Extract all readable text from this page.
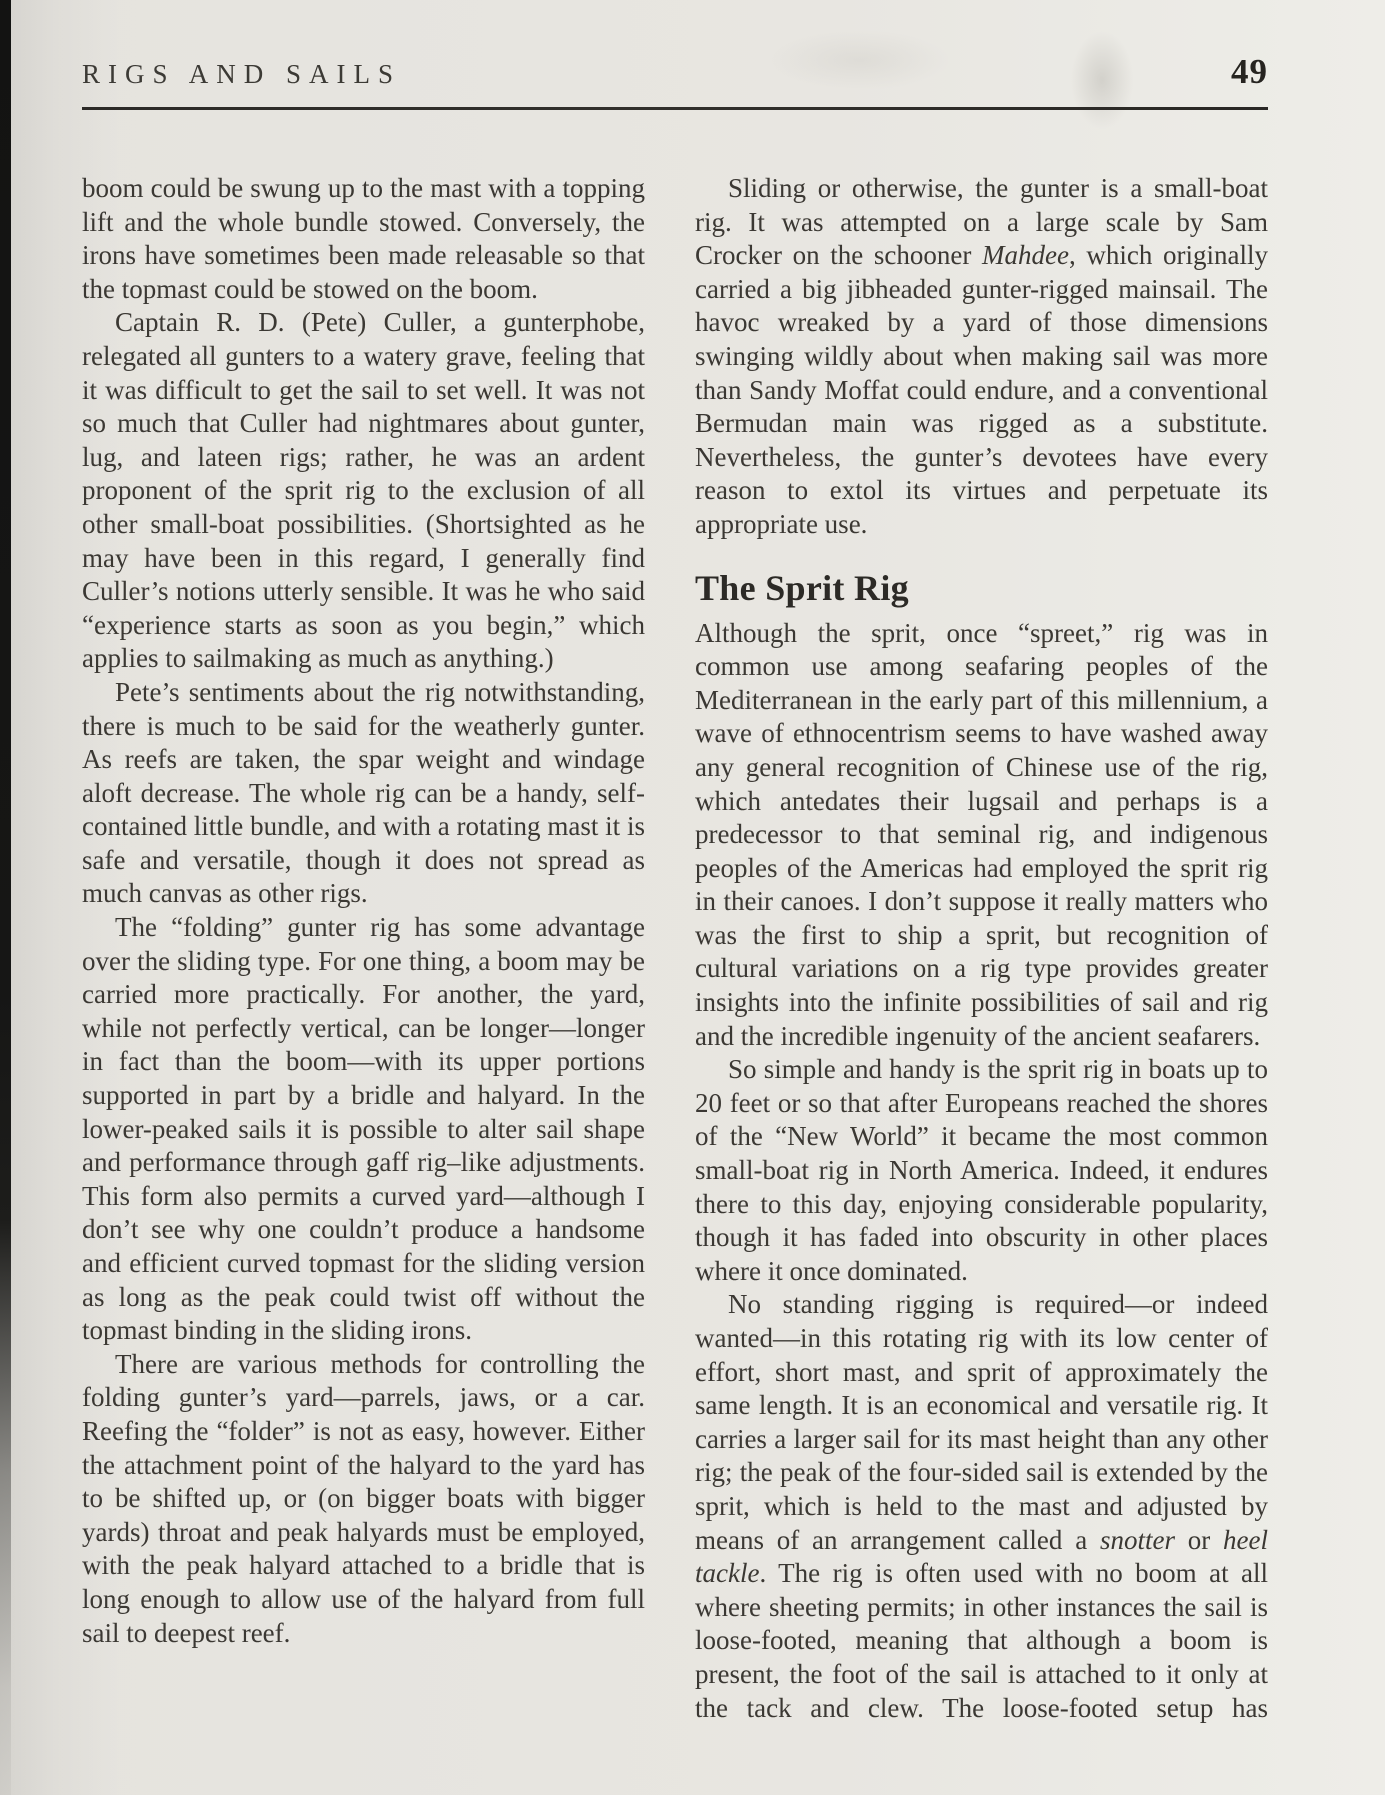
RIGS AND SAILS	49

boom could be swung up to the mast with a topping lift and the whole bundle stowed. Conversely, the irons have sometimes been made releasable so that the topmast could be stowed on the boom.

Captain R. D. (Pete) Culler, a gunterphobe, relegated all gunters to a watery grave, feeling that it was difficult to get the sail to set well. It was not so much that Culler had nightmares about gunter, lug, and lateen rigs; rather, he was an ardent proponent of the sprit rig to the exclusion of all other small-boat possibilities. (Shortsighted as he may have been in this regard, I generally find Culler’s notions utterly sensible. It was he who said “experience starts as soon as you begin,” which applies to sailmaking as much as anything.)

Pete’s sentiments about the rig notwithstanding, there is much to be said for the weatherly gunter. As reefs are taken, the spar weight and windage aloft decrease. The whole rig can be a handy, self-contained little bundle, and with a rotating mast it is safe and versatile, though it does not spread as much canvas as other rigs.

The “folding” gunter rig has some advantage over the sliding type. For one thing, a boom may be carried more practically. For another, the yard, while not perfectly vertical, can be longer—longer in fact than the boom—with its upper portions supported in part by a bridle and halyard. In the lower-peaked sails it is possible to alter sail shape and performance through gaff rig–like adjustments. This form also permits a curved yard—although I don’t see why one couldn’t produce a handsome and efficient curved topmast for the sliding version as long as the peak could twist off without the topmast binding in the sliding irons.

There are various methods for controlling the folding gunter’s yard—parrels, jaws, or a car. Reefing the “folder” is not as easy, however. Either the attachment point of the halyard to the yard has to be shifted up, or (on bigger boats with bigger yards) throat and peak halyards must be employed, with the peak halyard attached to a bridle that is long enough to allow use of the halyard from full sail to deepest reef.

Sliding or otherwise, the gunter is a small-boat rig. It was attempted on a large scale by Sam Crocker on the schooner Mahdee, which originally carried a big jibheaded gunter-rigged mainsail. The havoc wreaked by a yard of those dimensions swinging wildly about when making sail was more than Sandy Moffat could endure, and a conventional Bermudan main was rigged as a substitute. Nevertheless, the gunter’s devotees have every reason to extol its virtues and perpetuate its appropriate use.

The Sprit Rig

Although the sprit, once “spreet,” rig was in common use among seafaring peoples of the Mediterranean in the early part of this millennium, a wave of ethnocentrism seems to have washed away any general recognition of Chinese use of the rig, which antedates their lugsail and perhaps is a predecessor to that seminal rig, and indigenous peoples of the Americas had employed the sprit rig in their canoes. I don’t suppose it really matters who was the first to ship a sprit, but recognition of cultural variations on a rig type provides greater insights into the infinite possibilities of sail and rig and the incredible ingenuity of the ancient seafarers.

So simple and handy is the sprit rig in boats up to 20 feet or so that after Europeans reached the shores of the “New World” it became the most common small-boat rig in North America. Indeed, it endures there to this day, enjoying considerable popularity, though it has faded into obscurity in other places where it once dominated.

No standing rigging is required—or indeed wanted—in this rotating rig with its low center of effort, short mast, and sprit of approximately the same length. It is an economical and versatile rig. It carries a larger sail for its mast height than any other rig; the peak of the four-sided sail is extended by the sprit, which is held to the mast and adjusted by means of an arrangement called a snotter or heel tackle. The rig is often used with no boom at all where sheeting permits; in other instances the sail is loose-footed, meaning that although a boom is present, the foot of the sail is attached to it only at the tack and clew. The loose-footed setup has
